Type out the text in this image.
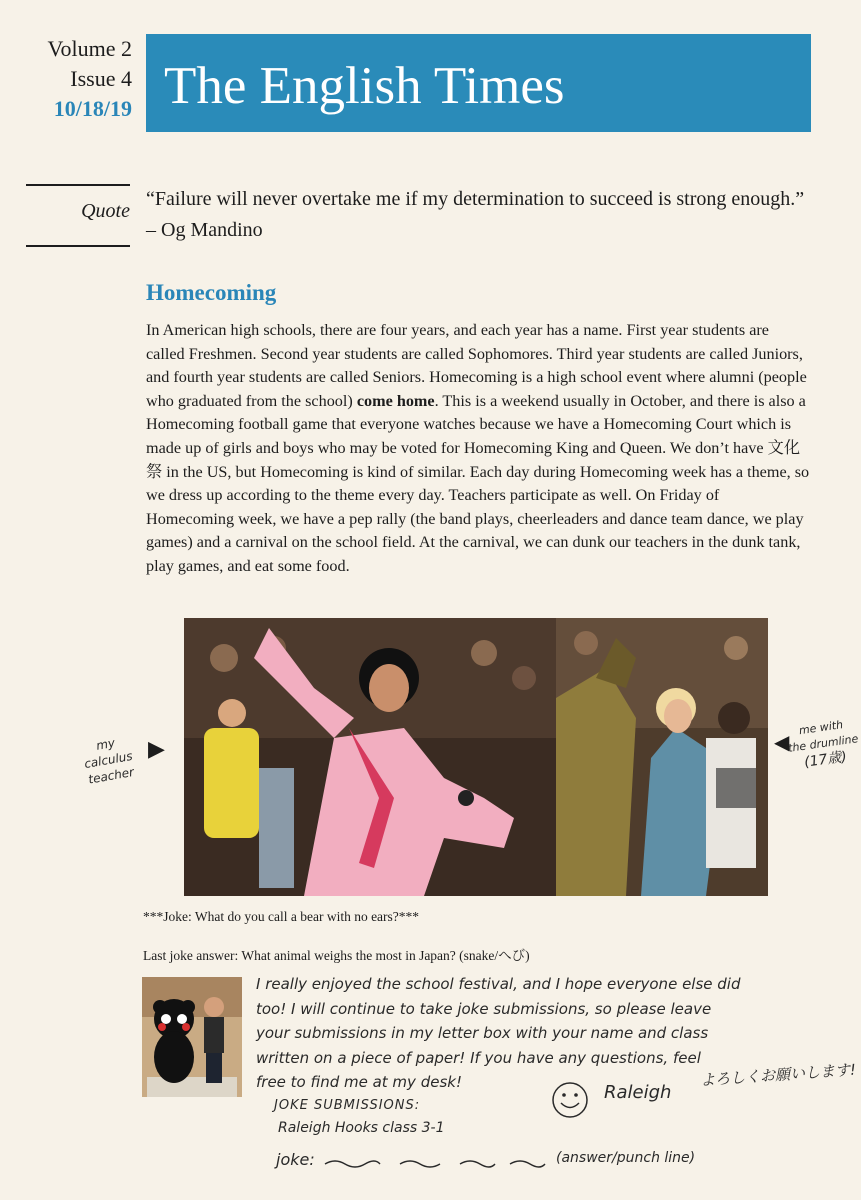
Volume 2
Issue 4
10/18/19 The English Times
Quote
“Failure will never overtake me if my determination to succeed is strong enough.” – Og Mandino
Homecoming

In American high schools, there are four years, and each year has a name. First year students are called Freshmen. Second year students are called Sophomores. Third year students are called Juniors, and fourth year students are called Seniors. Homecoming is a high school event where alumni (people who graduated from the school) come home. This is a weekend usually in October, and there is also a Homecoming football game that everyone watches because we have a Homecoming Court which is made up of girls and boys who may be voted for Homecoming King and Queen. We don’t have 文化祭 in the US, but Homecoming is kind of similar. Each day during Homecoming week has a theme, so we dress up according to the theme every day. Teachers participate as well. On Friday of Homecoming week, we have a pep rally (the band plays, cheerleaders and dance team dance, we play games) and a carnival on the school field. At the carnival, we can dunk our teachers in the dunk tank, play games, and eat some food.

my
calculus
teacher
▶	◀
me with
the drumline
(17歳)
***Joke: What do you call a bear with no ears?***
Last joke answer: What animal weighs the most in Japan? (snake/へび)
I really enjoyed the school festival, and I hope everyone else did
too! I will continue to take joke submissions, so please leave
your submissions in my letter box with your name and class
written on a piece of paper! If you have any questions, feel
free to find me at my desk!	よろしくお願いします!
Raleigh
JOKE SUBMISSIONS:
Raleigh Hooks class 3-1
joke:	(answer/punch line)
